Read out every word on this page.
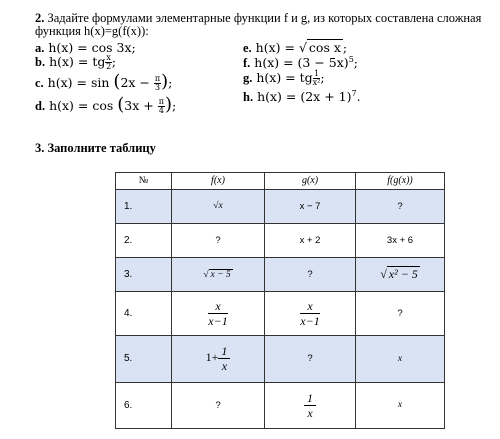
2. Задайте формулами элементарные функции f и g, из которых составлена сложная функция h(x)=g(f(x)):
a. h(x) = cos 3x;
b. h(x) = tg $\frac{x}{2}$ ;
c. $h(x) = \sin (2x - \frac{\pi}{3}$ );
d. $h(x) = \cos (3x + \frac{\pi}{4}$ );
e. h(x) = √ cos x ;
f. $h(x) = (3 - 5x)^5$;
g. h(x) = tg $\frac{1}{\text{x²}}$ ;
h. $h(x) = (2x + 1)^7$.
3. Заполните таблицу
№	f(x)	g(x)	f(g(x))
1.	√x	x − 7	?
2.	?	x + 2	3x + 6
3.	√ x − 5	?	√ x² − 5
4.	$\frac{x}{x-1}$	$\frac{x}{x-1}$	?
5.	$1+ \frac{1}{x}$	?	x
6.	?	$\frac{1}{x}$	x
